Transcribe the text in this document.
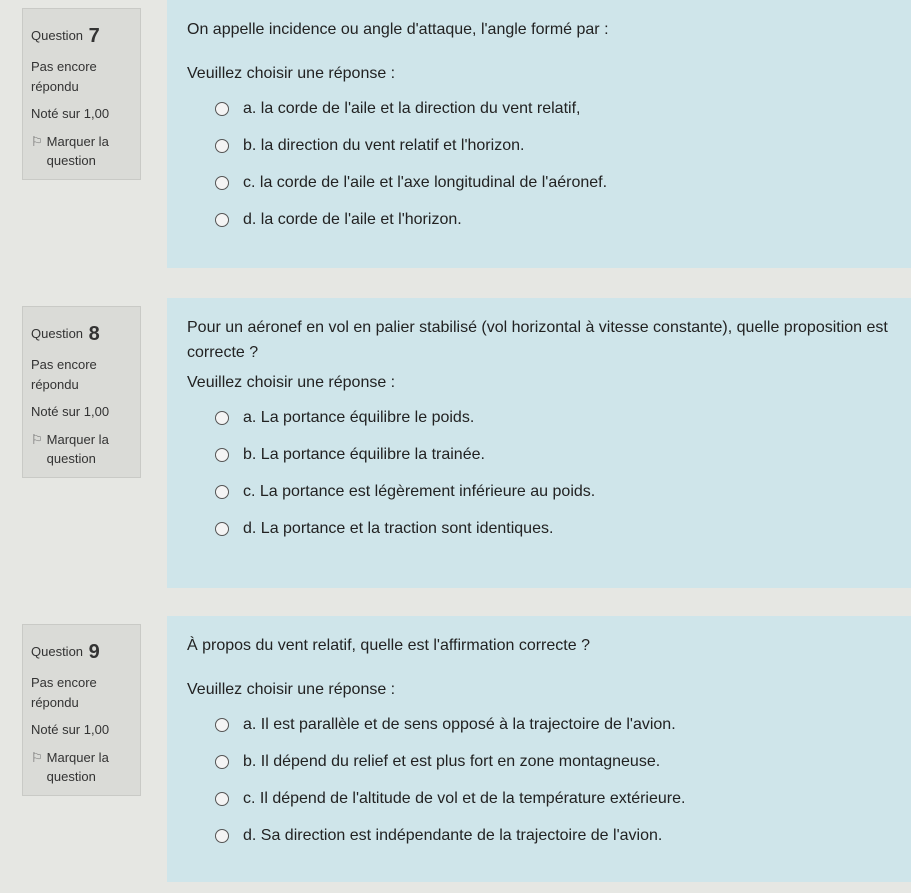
Question 7
Pas encore répondu
Noté sur 1,00
⚐ Marquer la question
On appelle incidence ou angle d'attaque, l'angle formé par :
Veuillez choisir une réponse :
a. la corde de l'aile et la direction du vent relatif,
b. la direction du vent relatif et l'horizon.
c. la corde de l'aile et l'axe longitudinal de l'aéronef.
d. la corde de l'aile et l'horizon.
Question 8
Pas encore répondu
Noté sur 1,00
⚐ Marquer la question
Pour un aéronef en vol en palier stabilisé (vol horizontal à vitesse constante), quelle proposition est correcte ?
Veuillez choisir une réponse :
a. La portance équilibre le poids.
b. La portance équilibre la trainée.
c. La portance est légèrement inférieure au poids.
d. La portance et la traction sont identiques.
Question 9
Pas encore répondu
Noté sur 1,00
⚐ Marquer la question
À propos du vent relatif, quelle est l'affirmation correcte ?
Veuillez choisir une réponse :
a. Il est parallèle et de sens opposé à la trajectoire de l'avion.
b. Il dépend du relief et est plus fort en zone montagneuse.
c. Il dépend de l'altitude de vol et de la température extérieure.
d. Sa direction est indépendante de la trajectoire de l'avion.
